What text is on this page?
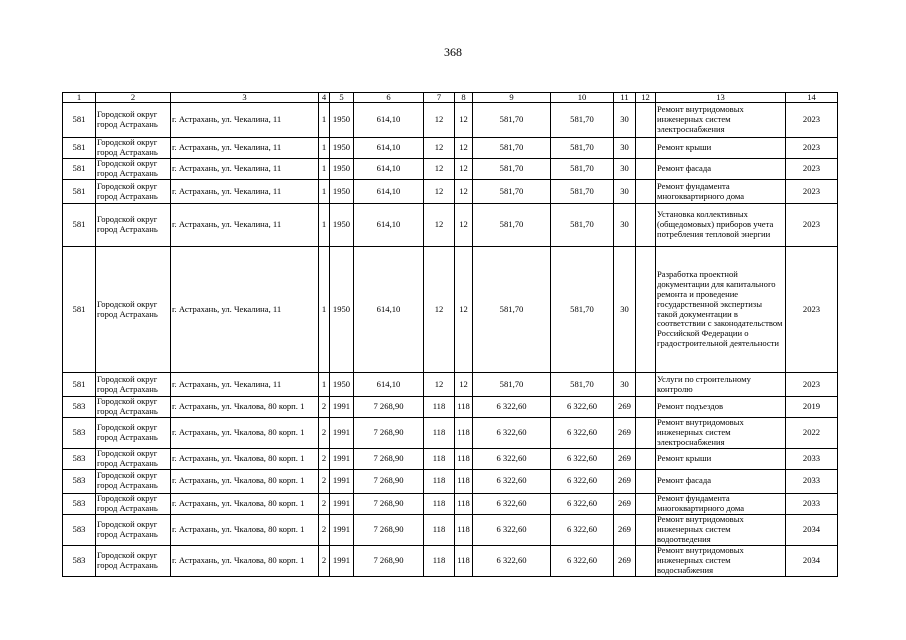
368
1	2	3	4	5	6	7	8	9	10	11	12	13	14
581	Городской округ город Астрахань	г. Астрахань, ул. Чекалина, 11	1	1950	614,10	12	12	581,70	581,70	30		Ремонт внутридомовых инженерных систем электроснабжения	2023
581	Городской округ город Астрахань	г. Астрахань, ул. Чекалина, 11	1	1950	614,10	12	12	581,70	581,70	30		Ремонт крыши	2023
581	Городской округ город Астрахань	г. Астрахань, ул. Чекалина, 11	1	1950	614,10	12	12	581,70	581,70	30		Ремонт фасада	2023
581	Городской округ город Астрахань	г. Астрахань, ул. Чекалина, 11	1	1950	614,10	12	12	581,70	581,70	30		Ремонт фундамента многоквартирного дома	2023
581	Городской округ город Астрахань	г. Астрахань, ул. Чекалина, 11	1	1950	614,10	12	12	581,70	581,70	30		Установка коллективных (общедомовых) приборов учета потребления тепловой энергии	2023
581	Городской округ город Астрахань	г. Астрахань, ул. Чекалина, 11	1	1950	614,10	12	12	581,70	581,70	30		Разработка проектной документации для капитального ремонта и проведение государственной экспертизы такой документации в соответствии с законодательством Российской Федерации о градостроительной деятельности	2023
581	Городской округ город Астрахань	г. Астрахань, ул. Чекалина, 11	1	1950	614,10	12	12	581,70	581,70	30		Услуги по строительному контролю	2023
583	Городской округ город Астрахань	г. Астрахань, ул. Чкалова, 80 корп. 1	2	1991	7 268,90	118	118	6 322,60	6 322,60	269		Ремонт подъездов	2019
583	Городской округ город Астрахань	г. Астрахань, ул. Чкалова, 80 корп. 1	2	1991	7 268,90	118	118	6 322,60	6 322,60	269		Ремонт внутридомовых инженерных систем электроснабжения	2022
583	Городской округ город Астрахань	г. Астрахань, ул. Чкалова, 80 корп. 1	2	1991	7 268,90	118	118	6 322,60	6 322,60	269		Ремонт крыши	2033
583	Городской округ город Астрахань	г. Астрахань, ул. Чкалова, 80 корп. 1	2	1991	7 268,90	118	118	6 322,60	6 322,60	269		Ремонт фасада	2033
583	Городской округ город Астрахань	г. Астрахань, ул. Чкалова, 80 корп. 1	2	1991	7 268,90	118	118	6 322,60	6 322,60	269		Ремонт фундамента многоквартирного дома	2033
583	Городской округ город Астрахань	г. Астрахань, ул. Чкалова, 80 корп. 1	2	1991	7 268,90	118	118	6 322,60	6 322,60	269		Ремонт внутридомовых инженерных систем водоотведения	2034
583	Городской округ город Астрахань	г. Астрахань, ул. Чкалова, 80 корп. 1	2	1991	7 268,90	118	118	6 322,60	6 322,60	269		Ремонт внутридомовых инженерных систем водоснабжения	2034
